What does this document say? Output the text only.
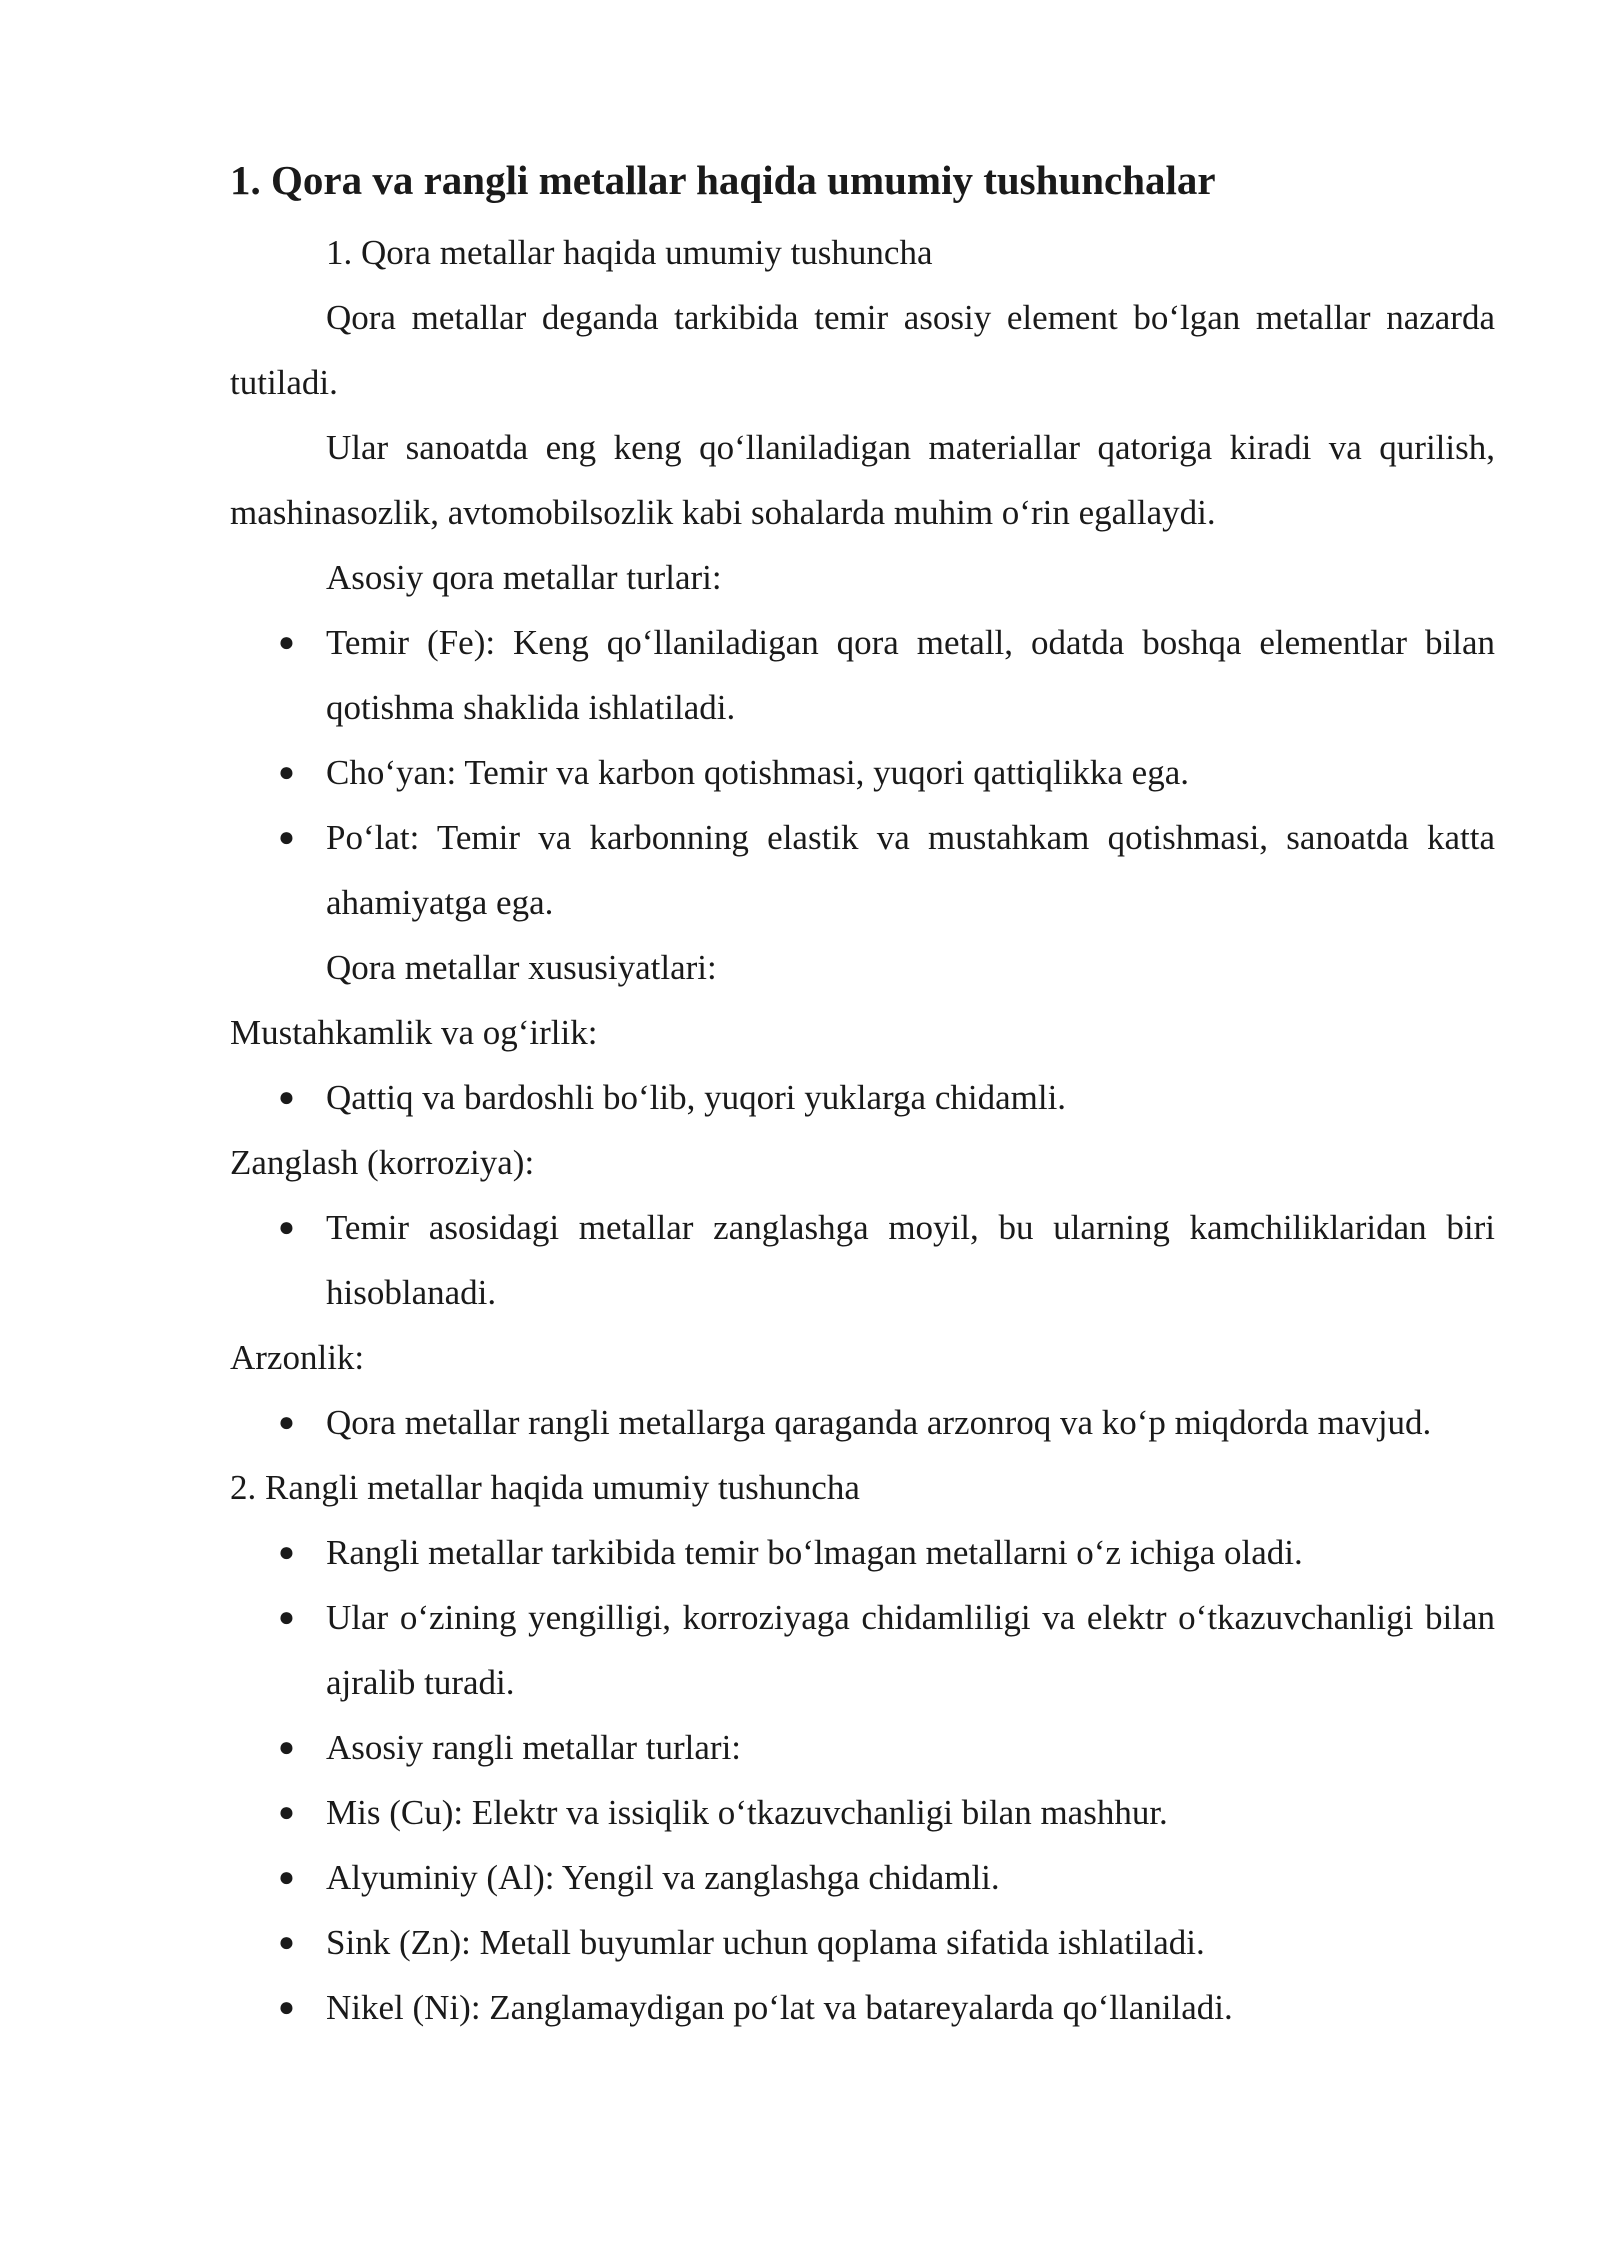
1. Qora va rangli metallar haqida umumiy tushunchalar

1. Qora metallar haqida umumiy tushuncha

Qora metallar deganda tarkibida temir asosiy element bo‘lgan metallar nazarda tutiladi.

Ular sanoatda eng keng qo‘llaniladigan materiallar qatoriga kiradi va qurilish, mashinasozlik, avtomobilsozlik kabi sohalarda muhim o‘rin egallaydi.

Asosiy qora metallar turlari:

● Temir (Fe): Keng qo‘llaniladigan qora metall, odatda boshqa elementlar bilan qotishma shaklida ishlatiladi.
● Cho‘yan: Temir va karbon qotishmasi, yuqori qattiqlikka ega.
● Po‘lat: Temir va karbonning elastik va mustahkam qotishmasi, sanoatda katta ahamiyatga ega.

Qora metallar xususiyatlari:

Mustahkamlik va og‘irlik:

● Qattiq va bardoshli bo‘lib, yuqori yuklarga chidamli.

Zanglash (korroziya):

● Temir asosidagi metallar zanglashga moyil, bu ularning kamchiliklaridan biri hisoblanadi.

Arzonlik:

● Qora metallar rangli metallarga qaraganda arzonroq va ko‘p miqdorda mavjud.

2. Rangli metallar haqida umumiy tushuncha

● Rangli metallar tarkibida temir bo‘lmagan metallarni o‘z ichiga oladi.
● Ular o‘zining yengilligi, korroziyaga chidamliligi va elektr o‘tkazuvchanligi bilan ajralib turadi.
● Asosiy rangli metallar turlari:
● Mis (Cu): Elektr va issiqlik o‘tkazuvchanligi bilan mashhur.
● Alyuminiy (Al): Yengil va zanglashga chidamli.
● Sink (Zn): Metall buyumlar uchun qoplama sifatida ishlatiladi.
● Nikel (Ni): Zanglamaydigan po‘lat va batareyalarda qo‘llaniladi.
